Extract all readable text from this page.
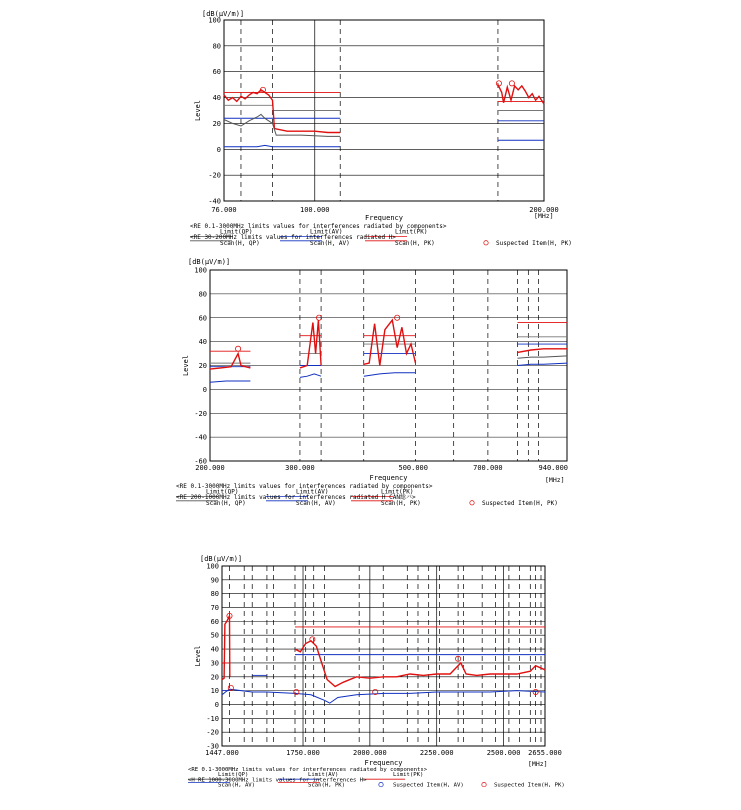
100
80
60
40
20
0
-20
-40
76.000	100.000	200.000
[dB(μV/m)]
Level
Frequency	[MHz]
<RE 0.1-3000MHz limits values for interferences radiated by components>
Limit(QP)	Limit(AV)	Limit(PK)
<RE 30-200MHz limits values for interferences radiated H>
Scan(H, QP)	Scan(H, AV)	Scan(H, PK)	Suspected Item(H, PK)
100
80
60
40
20
0
-20
-40
-60
200.000	300.000	500.000	700.000	940.000
[dB(μV/m)]
Level
Frequency	[MHz]
<RE 0.1-3000MHz limits values for interferences radiated by components>
Limit(QP)	Limit(AV)	Limit(PK)
<RE 200-1000MHz limits values for interferences radiated H CAN総バ>
Scan(H, QP)	Scan(H, AV)	Scan(H, PK)	Suspected Item(H, PK)
100
90
80
70
60
50
40
30
20
10
0
-10
-20
-30
1447.000	1750.000	2000.000	2250.000	2500.000 2655.000
[dB(μV/m)]
Level
Frequency	[MHz]
<RE 0.1-3000MHz limits values for interferences radiated by components>
Limit(QP)	Limit(AV)	Limit(PK)
<H RE 1000-3000MHz limits values for interferences H>
Scan(H, AV)	Scan(H, PK)	Suspected Item(H, AV)	Suspected Item(H, PK)
